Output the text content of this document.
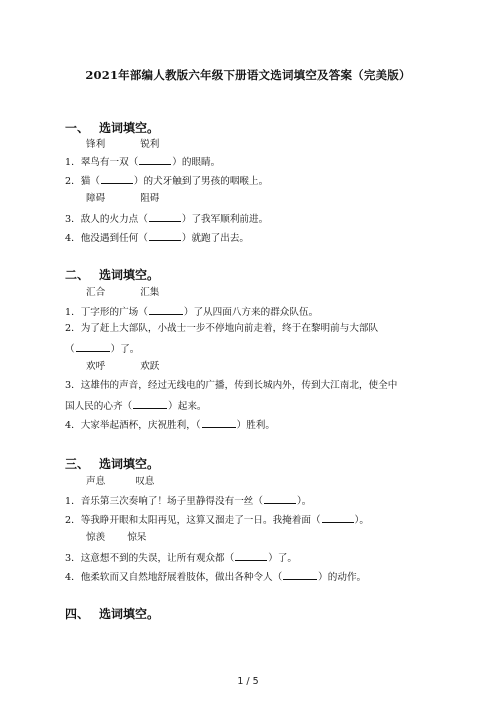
2021年部编人教版六年级下册语文选词填空及答案（完美版）
一、 选词填空。
锋利	锐利
1．翠鸟有一双（	）的眼睛。
2．猫（	）的犬牙触到了男孩的咽喉上。
障碍	阻碍
3．敌人的火力点（	）了我军顺利前进。
4．他没遇到任何（	）就跑了出去。
二、 选词填空。
汇合	汇集
1．丁字形的广场（	）了从四面八方来的群众队伍。
2．为了赶上大部队，小战士一步不停地向前走着，终于在黎明前与大部队
（	）了。
欢呼	欢跃
3．这雄伟的声音，经过无线电的广播，传到长城内外，传到大江南北，使全中
国人民的心齐（	）起来。
4．大家举起酒杯，庆祝胜利，（	）胜利。
三、 选词填空。
声息	叹息
1．音乐第三次奏响了！场子里静得没有一丝（	）。
2．等我睁开眼和太阳再见，这算又溜走了一日。我掩着面（	）。
惊羡 惊呆
3．这意想不到的失误，让所有观众都（	）了。
4．他柔软而又自然地舒展着肢体，做出各种令人（	）的动作。
四、 选词填空。
1 / 5
